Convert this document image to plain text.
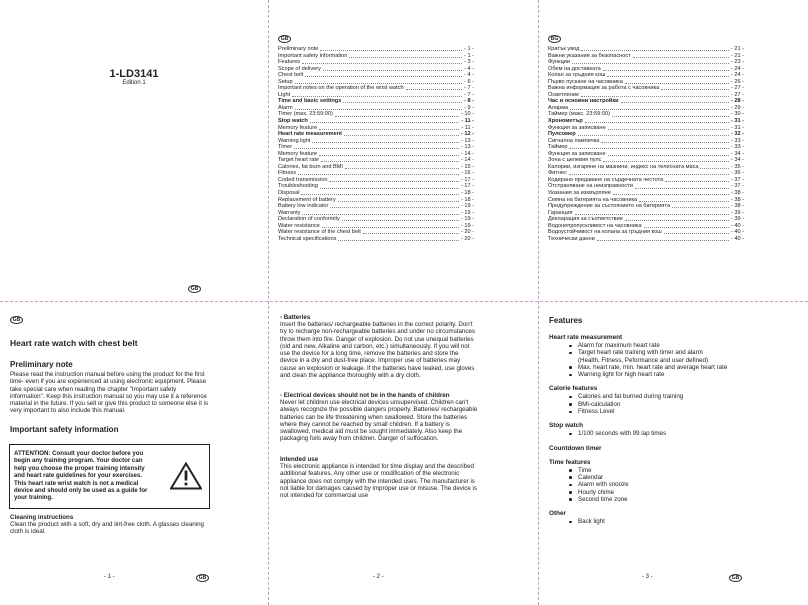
1-LD3141
Edition 1
GB
GB
Preliminary note	- 1 -
Important safety information	- 1 -
Features	- 3 -
Scope of delivery	- 4 -
Chest belt	- 4 -
Setup	- 6 -
Important notes on the operation of the wrist watch	- 7 -
Light	- 7 -
Time and basic settings	- 8 -
Alarm	- 9 -
Timer (max. 23:59:00)	- 10 -
Stop watch	- 11 -
Memory feature	- 11 -
Heart rate measurement	- 12 -
Warning light	- 13 -
Timer	- 13 -
Memory feature	- 14 -
Target heart rate	- 14 -
Calories, fat burn and BMI	- 15 -
Fitness	- 16 -
Coded transmission	- 17 -
Troubleshooting	- 17 -
Disposal	- 18 -
Replacement of battery	- 18 -
Battery low indicator	- 19 -
Warranty	- 19 -
Declaration of conformity	- 19 -
Water resistance	- 19 -
Water resistance of the chest belt	- 20 -
Technical specifications	- 20 -
BG
Кратък увод	- 21 -
Важни указания за безопасност	- 21 -
Функции	- 23 -
Обем на доставката	- 24 -
Колан за гръдния кош	- 24 -
Първо пускане на часовника	- 26 -
Важна информация за работа с часовника	- 27 -
Осветление	- 27 -
Час и основни настройки	- 28 -
Аларма	- 29 -
Таймер (макс. 23:59:00)	- 30 -
Хронометър	- 31 -
Функция за записване	- 31 -
Пулсомер	- 32 -
Сигнална лампичка	- 33 -
Таймер	- 33 -
Функция за записване	- 34 -
Зона с целевия пулс	- 34 -
Калории, изгаряне на мазнини, индекс на телесната маса	- 35 -
Фитнес	- 36 -
Кодирано предаване на сърдечната честота	- 37 -
Отстраняване на неизправности	- 37 -
Указания за изхвърляне	- 38 -
Смяна на батерията на часовника	- 38 -
Предупреждение за състоянието на батерията	- 38 -
Гаранция	- 39 -
Декларация за съответствие	- 39 -
Водонепропускливост на часовника	- 40 -
Водоустойчивост на колана за гръдния кош	- 40 -
Технически данни	- 40 -
GB
Heart rate watch with chest belt
Preliminary note
Please read the instruction manual before using the product for the first time- even if you are experienced at using electronic equipment. Please take special care when reading the chapter "Important safety information". Keep this instruction manual so you may use it a reference material in the future. If you sell or give this product to someone else it is very important to also include this manual.
Important safety information
ATTENTION: Consult your doctor before you begin any training program. Your doctor can help you choose the proper training intensity and heart rate guidelines for your exercises. This heart rate wrist watch is not a medical device and should only be used as a guide for your training.
Cleaning instructions
Clean the product with a soft, dry and lint-free cloth. A glasses cleaning cloth is ideal.
- 1 -	GB
- Batteries
Insert the batteries/ rechargeable batteries in the correct polarity. Don't try to recharge non-rechargeable batteries and under no circumstances throw them into fire. Danger of explosion. Do not use unequal batteries (old and new, Alkaline and carbon, etc.) simultaneously. If you will not use the device for a long time, remove the batteries and store the device in a dry and dust-free place. Improper use of batteries may cause an explosion or leakage. If the batteries have leaked, use gloves and clean the appliance thoroughly with a dry cloth.
- Electrical devices should not be in the hands of children
Never let children use electrical devices unsupervised. Children can't always recognize the possible dangers properly. Batteries/ rechargeable batteries can be life threatening when swallowed. Store the batteries where they cannot be reached by small children. If a battery is swallowed, medical aid must be sought immediately. Also keep the packaging foils away from children. Danger of suffocation.
Intended use
This electronic appliance is intended for time display and the described additional features. Any other use or modification of the electronic appliance does not comply with the intended uses. The manufacturer is not liable for damages caused by improper use or misuse. The device is not intended for commercial use
- 2 -
Features
Heart rate measurement
Alarm for maximum heart rate
Target heart rate training with timer and alarm
(Health, Fitness, Peformance and user defined)
Max. heart rate, min. heart rate and average heart rate
Warning light for high heart rate
Calorie features
Calories and fat burned during training
BMI-calculation
Fitness Level
Stop watch
1/100 seconds with 99 lap times
Countdown timer
Time features
Time
Calendar
Alarm with snooze
Hourly chime
Second time zone
Other
Back light
- 3 -	GB
